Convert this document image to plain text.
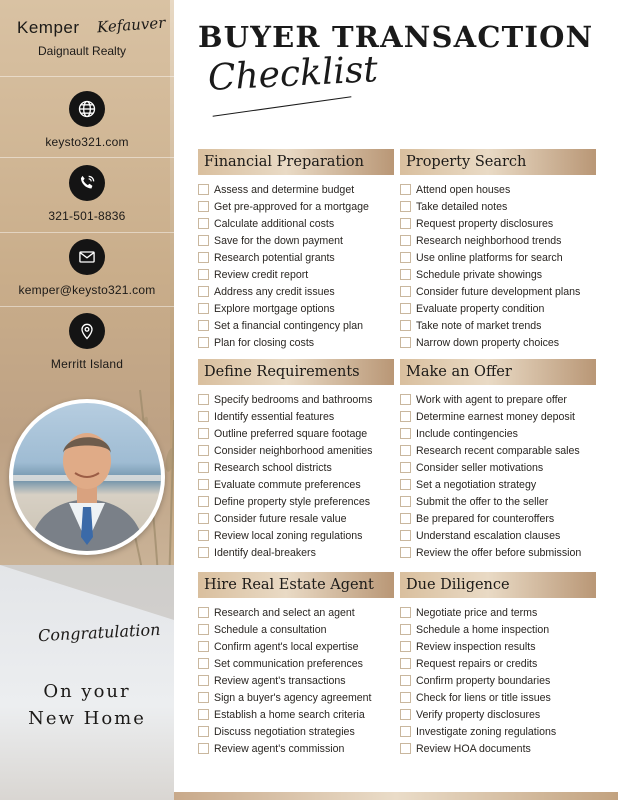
Kemper Kefauver
Daignault Realty
keysto321.com
321-501-8836
kemper@keysto321.com
Merritt Island
Congratulation
On your
New Home
BUYER TRANSACTION
Checklist
Financial Preparation
Assess and determine budget
Get pre-approved for a mortgage
Calculate additional costs
Save for the down payment
Research potential grants
Review credit report
Address any credit issues
Explore mortgage options
Set a financial contingency plan
Plan for closing costs
Property Search
Attend open houses
Take detailed notes
Request property disclosures
Research neighborhood trends
Use online platforms for search
Schedule private showings
Consider future development plans
Evaluate property condition
Take note of market trends
Narrow down property choices
Define Requirements
Specify bedrooms and bathrooms
Identify essential features
Outline preferred square footage
Consider neighborhood amenities
Research school districts
Evaluate commute preferences
Define property style preferences
Consider future resale value
Review local zoning regulations
Identify deal-breakers
Make an Offer
Work with agent to prepare offer
Determine earnest money deposit
Include contingencies
Research recent comparable sales
Consider seller motivations
Set a negotiation strategy
Submit the offer to the seller
Be prepared for counteroffers
Understand escalation clauses
Review the offer before submission
Hire Real Estate Agent
Research and select an agent
Schedule a consultation
Confirm agent's local expertise
Set communication preferences
Review agent's transactions
Sign a buyer's agency agreement
Establish a home search criteria
Discuss negotiation strategies
Review agent's commission
Due Diligence
Negotiate price and terms
Schedule a home inspection
Review inspection results
Request repairs or credits
Confirm property boundaries
Check for liens or title issues
Verify property disclosures
Investigate zoning regulations
Review HOA documents
